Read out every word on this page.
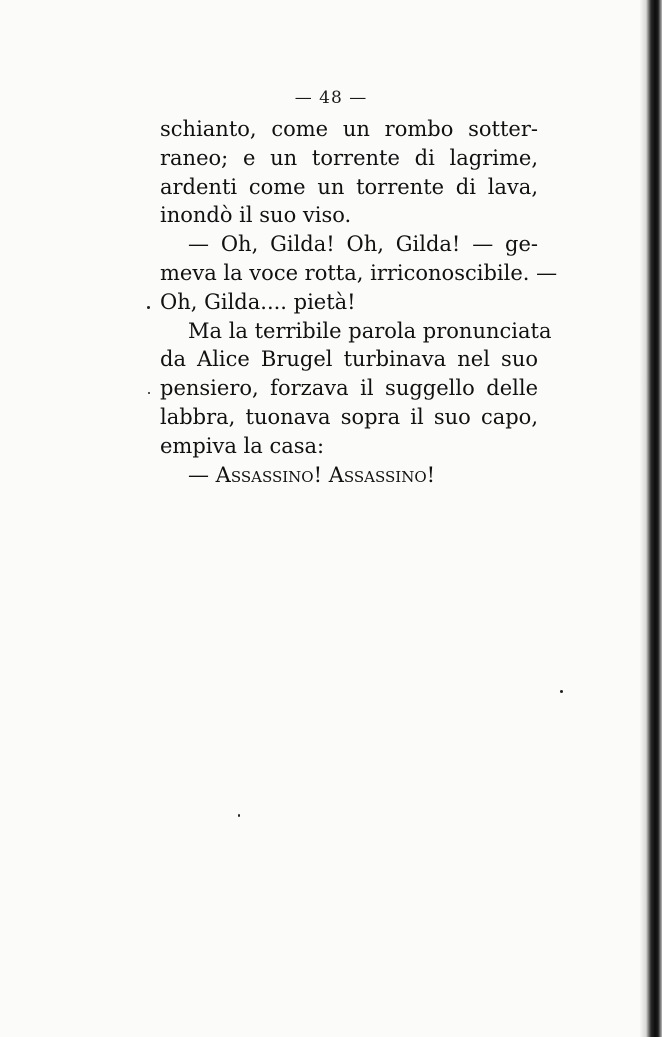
— 48 —
schianto, come un rombo sotter-
raneo; e un torrente di lagrime,
ardenti come un torrente di lava,
inondò il suo viso.
— Oh, Gilda! Oh, Gilda! — ge-
meva la voce rotta, irriconoscibile. —
Oh, Gilda.... pietà!
Ma la terribile parola pronunciata
da Alice Brugel turbinava nel suo
pensiero, forzava il suggello delle
labbra, tuonava sopra il suo capo,
empiva la casa:
— Assassino! Assassino!
